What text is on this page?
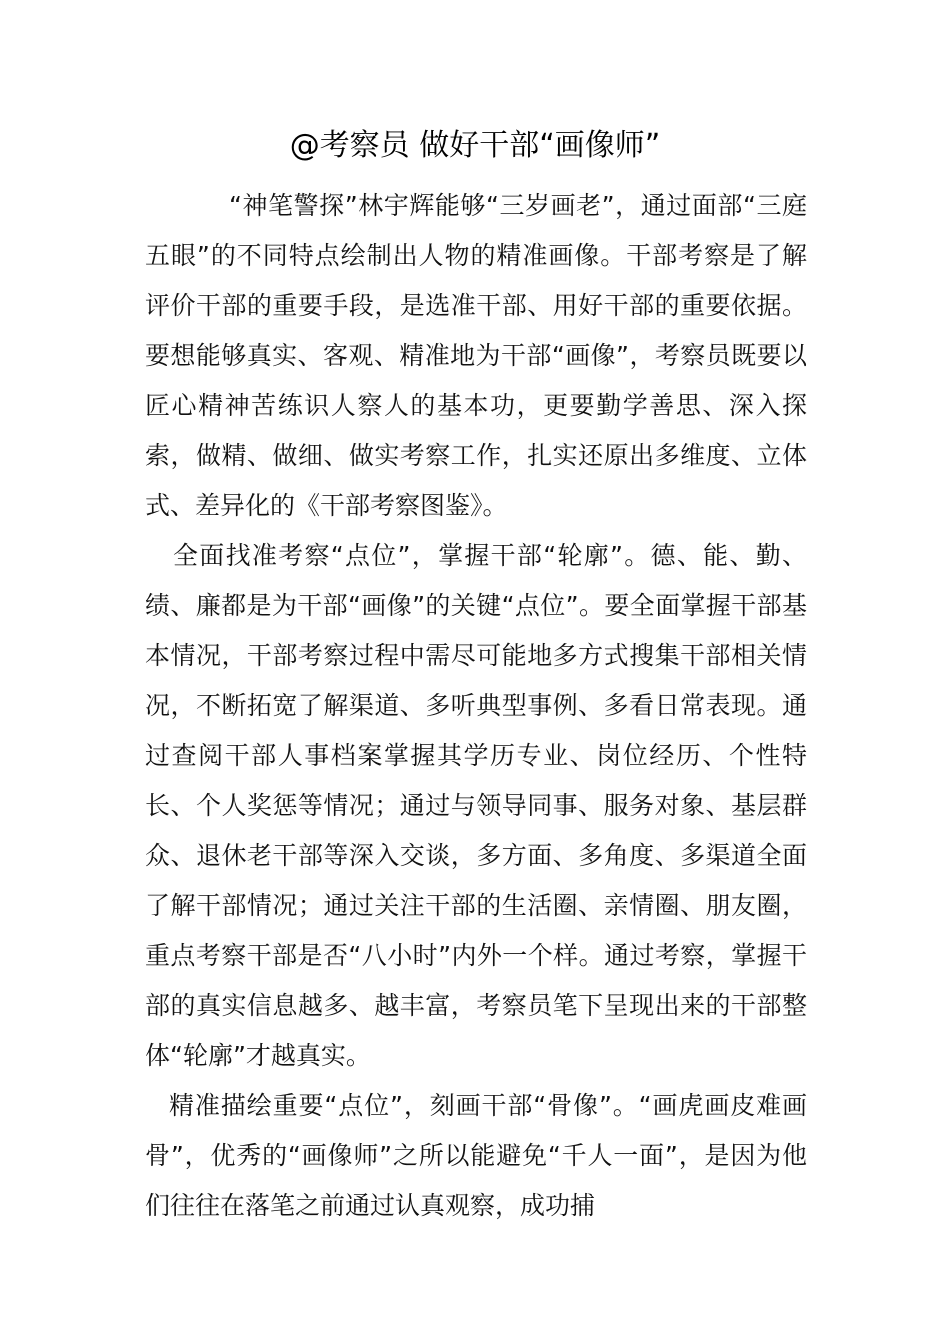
@考察员 做好干部“画像师”

“神笔警探”林宇辉能够“三岁画老”，通过面部“三庭五眼”的不同特点绘制出人物的精准画像。干部考察是了解评价干部的重要手段，是选准干部、用好干部的重要依据。要想能够真实、客观、精准地为干部“画像”，考察员既要以匠心精神苦练识人察人的基本功，更要勤学善思、深入探索，做精、做细、做实考察工作，扎实还原出多维度、立体式、差异化的《干部考察图鉴》。

全面找准考察“点位”，掌握干部“轮廓”。德、能、勤、绩、廉都是为干部“画像”的关键“点位”。要全面掌握干部基本情况，干部考察过程中需尽可能地多方式搜集干部相关情况，不断拓宽了解渠道、多听典型事例、多看日常表现。通过查阅干部人事档案掌握其学历专业、岗位经历、个性特长、个人奖惩等情况；通过与领导同事、服务对象、基层群众、退休老干部等深入交谈，多方面、多角度、多渠道全面了解干部情况；通过关注干部的生活圈、亲情圈、朋友圈，重点考察干部是否“八小时”内外一个样。通过考察，掌握干部的真实信息越多、越丰富，考察员笔下呈现出来的干部整体“轮廓”才越真实。

精准描绘重要“点位”，刻画干部“骨像”。“画虎画皮难画骨”，优秀的“画像师”之所以能避免“千人一面”，是因为他们往往在落笔之前通过认真观察，成功捕
